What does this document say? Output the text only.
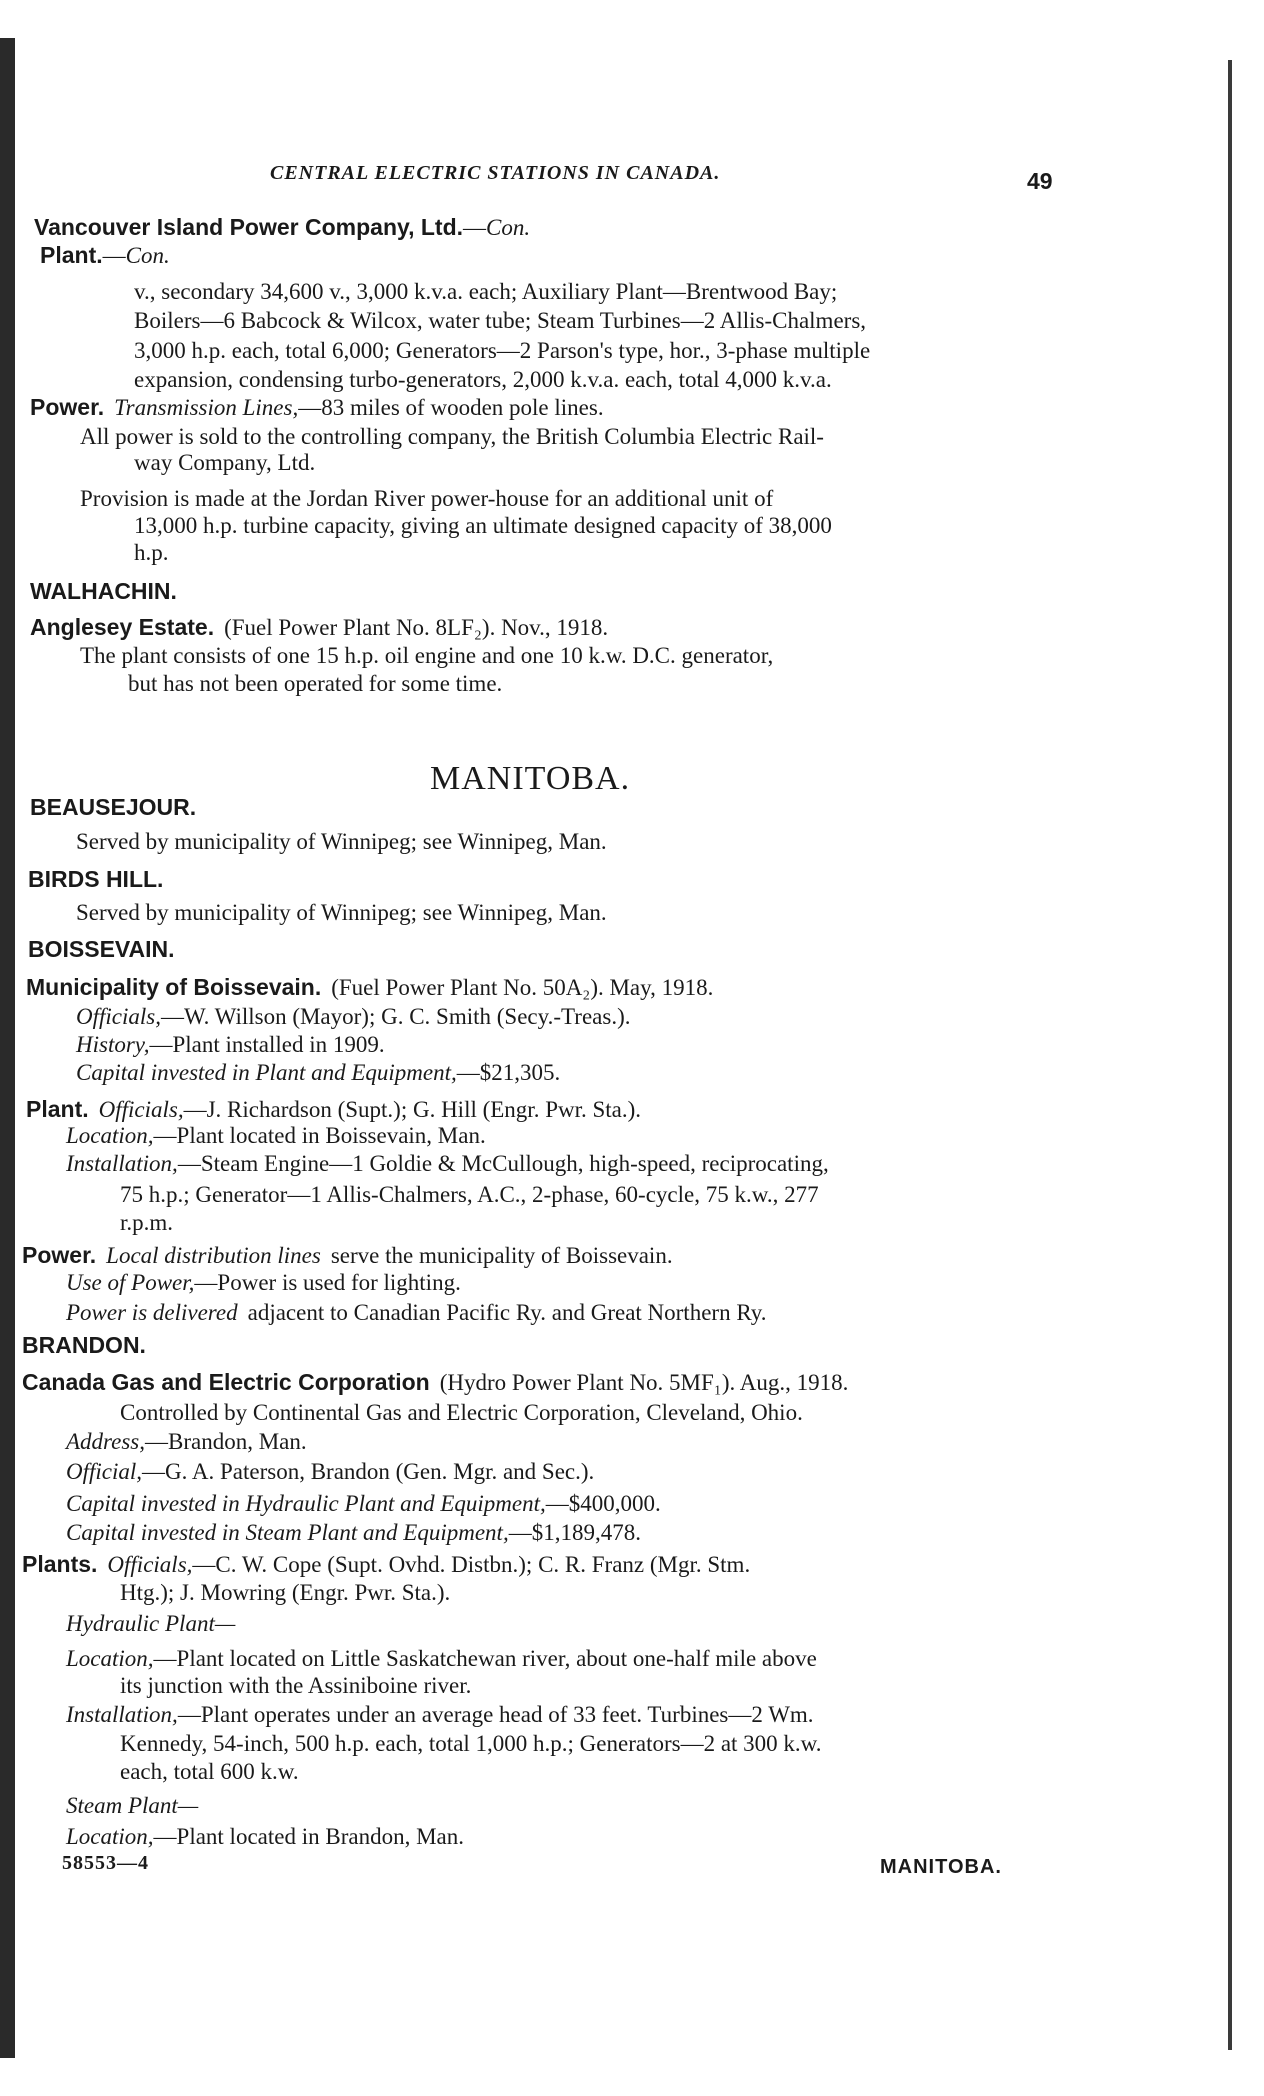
CENTRAL ELECTRIC STATIONS IN CANADA.	49
Vancouver Island Power Company, Ltd.—Con.
Plant.—Con.
v., secondary 34,600 v., 3,000 k.v.a. each; Auxiliary Plant—Brentwood Bay;
Boilers—6 Babcock & Wilcox, water tube; Steam Turbines—2 Allis-Chalmers,
3,000 h.p. each, total 6,000; Generators—2 Parson's type, hor., 3-phase multiple
expansion, condensing turbo-generators, 2,000 k.v.a. each, total 4,000 k.v.a.
Power. Transmission Lines,—83 miles of wooden pole lines.
All power is sold to the controlling company, the British Columbia Electric Rail-
way Company, Ltd.
Provision is made at the Jordan River power-house for an additional unit of
13,000 h.p. turbine capacity, giving an ultimate designed capacity of 38,000
h.p.
WALHACHIN.
Anglesey Estate. (Fuel Power Plant No. 8LF₂). Nov., 1918.
The plant consists of one 15 h.p. oil engine and one 10 k.w. D.C. generator,
but has not been operated for some time.
MANITOBA.
BEAUSEJOUR.
Served by municipality of Winnipeg; see Winnipeg, Man.
BIRDS HILL.
Served by municipality of Winnipeg; see Winnipeg, Man.
BOISSEVAIN.
Municipality of Boissevain. (Fuel Power Plant No. 50A₂). May, 1918.
Officials,—W. Willson (Mayor); G. C. Smith (Secy.-Treas.).
History,—Plant installed in 1909.
Capital invested in Plant and Equipment,—$21,305.
Plant. Officials,—J. Richardson (Supt.); G. Hill (Engr. Pwr. Sta.).
Location,—Plant located in Boissevain, Man.
Installation,—Steam Engine—1 Goldie & McCullough, high-speed, reciprocating,
75 h.p.; Generator—1 Allis-Chalmers, A.C., 2-phase, 60-cycle, 75 k.w., 277
r.p.m.
Power. Local distribution lines serve the municipality of Boissevain.
Use of Power,—Power is used for lighting.
Power is delivered adjacent to Canadian Pacific Ry. and Great Northern Ry.
BRANDON.
Canada Gas and Electric Corporation (Hydro Power Plant No. 5MF₁). Aug., 1918.
Controlled by Continental Gas and Electric Corporation, Cleveland, Ohio.
Address,—Brandon, Man.
Official,—G. A. Paterson, Brandon (Gen. Mgr. and Sec.).
Capital invested in Hydraulic Plant and Equipment,—$400,000.
Capital invested in Steam Plant and Equipment,—$1,189,478.
Plants. Officials,—C. W. Cope (Supt. Ovhd. Distbn.); C. R. Franz (Mgr. Stm.
Htg.); J. Mowring (Engr. Pwr. Sta.).
Hydraulic Plant—
Location,—Plant located on Little Saskatchewan river, about one-half mile above
its junction with the Assiniboine river.
Installation,—Plant operates under an average head of 33 feet. Turbines—2 Wm.
Kennedy, 54-inch, 500 h.p. each, total 1,000 h.p.; Generators—2 at 300 k.w.
each, total 600 k.w.
Steam Plant—
Location,—Plant located in Brandon, Man.
58553—4	MANITOBA.
